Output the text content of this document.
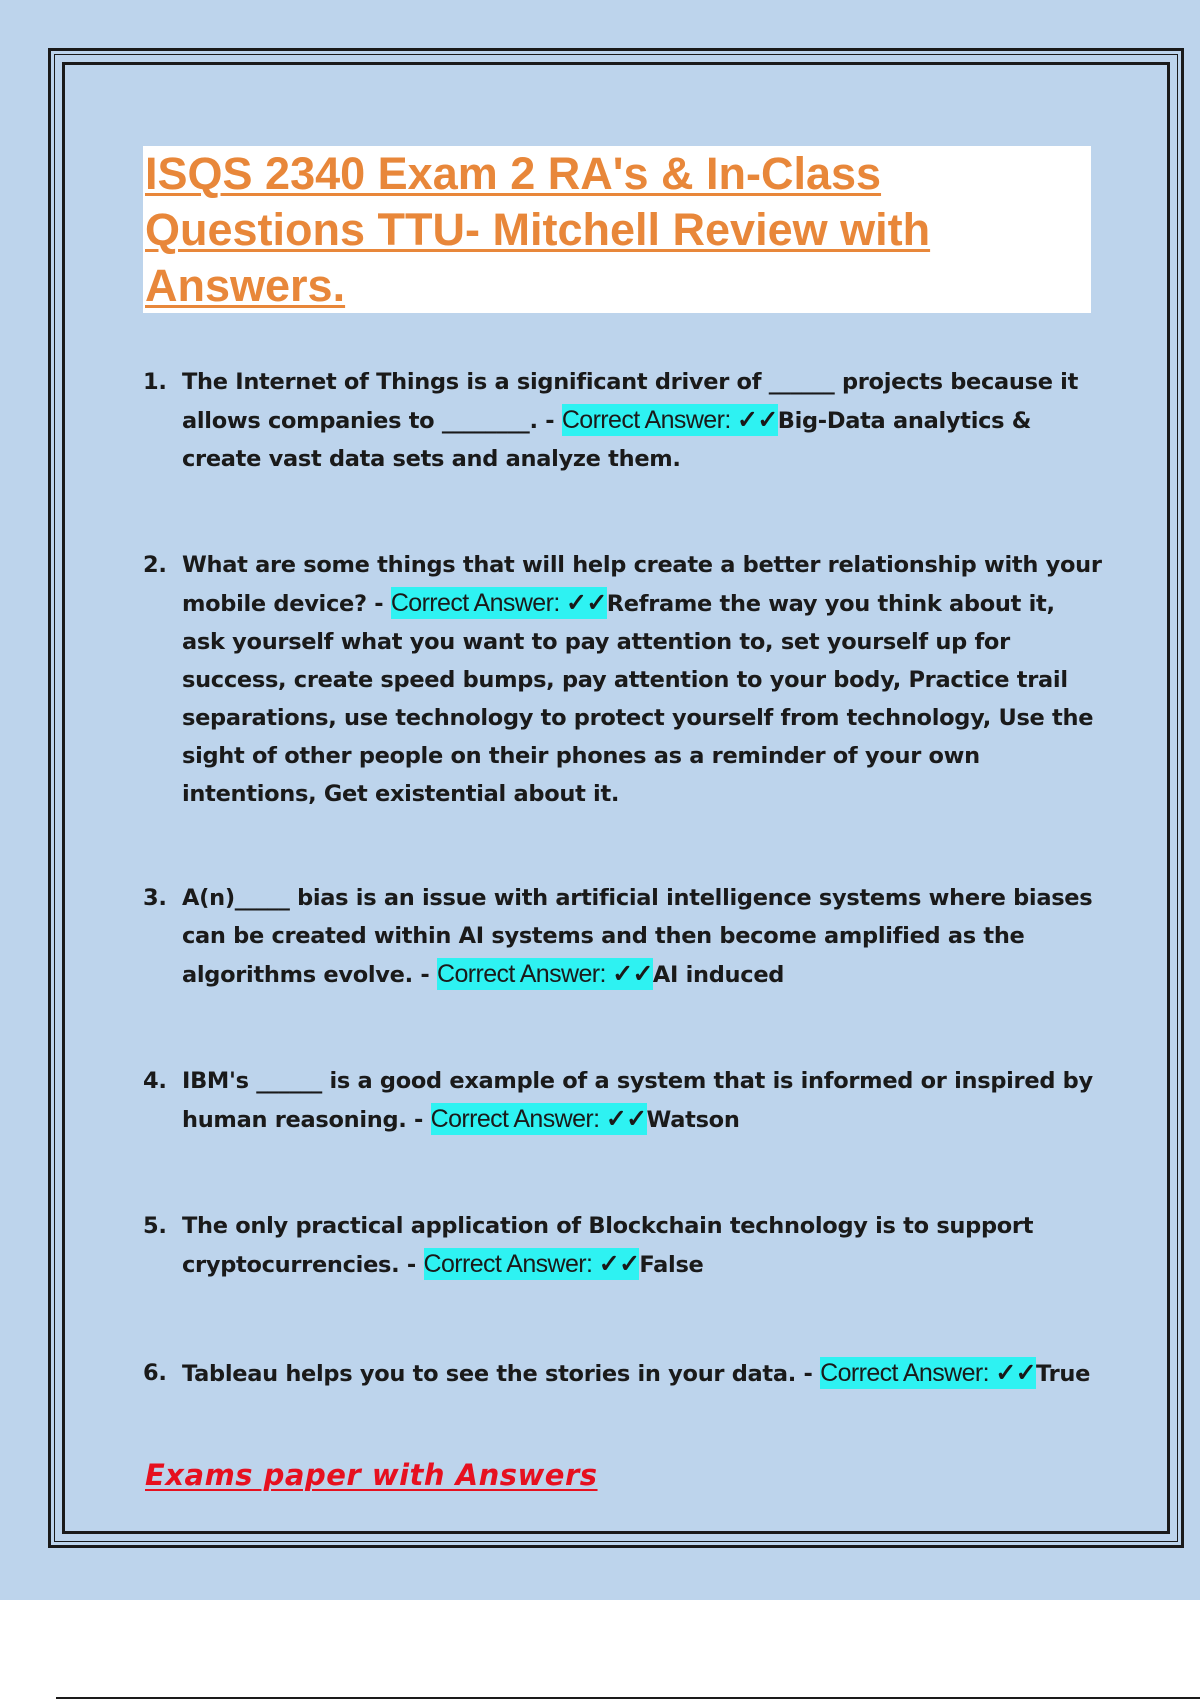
ISQS 2340 Exam 2 RA's & In-Class Questions TTU- Mitchell Review with Answers.
1. The Internet of Things is a significant driver of ______ projects because it allows companies to ________. - Correct Answer: ✓✓Big-Data analytics & create vast data sets and analyze them.
2. What are some things that will help create a better relationship with your mobile device? - Correct Answer: ✓✓Reframe the way you think about it, ask yourself what you want to pay attention to, set yourself up for success, create speed bumps, pay attention to your body, Practice trail separations, use technology to protect yourself from technology, Use the sight of other people on their phones as a reminder of your own intentions, Get existential about it.
3. A(n)_____ bias is an issue with artificial intelligence systems where biases can be created within AI systems and then become amplified as the algorithms evolve. - Correct Answer: ✓✓AI induced
4. IBM's ______ is a good example of a system that is informed or inspired by human reasoning. - Correct Answer: ✓✓Watson
5. The only practical application of Blockchain technology is to support cryptocurrencies. - Correct Answer: ✓✓False
6. Tableau helps you to see the stories in your data. - Correct Answer: ✓✓True
Exams paper with Answers
